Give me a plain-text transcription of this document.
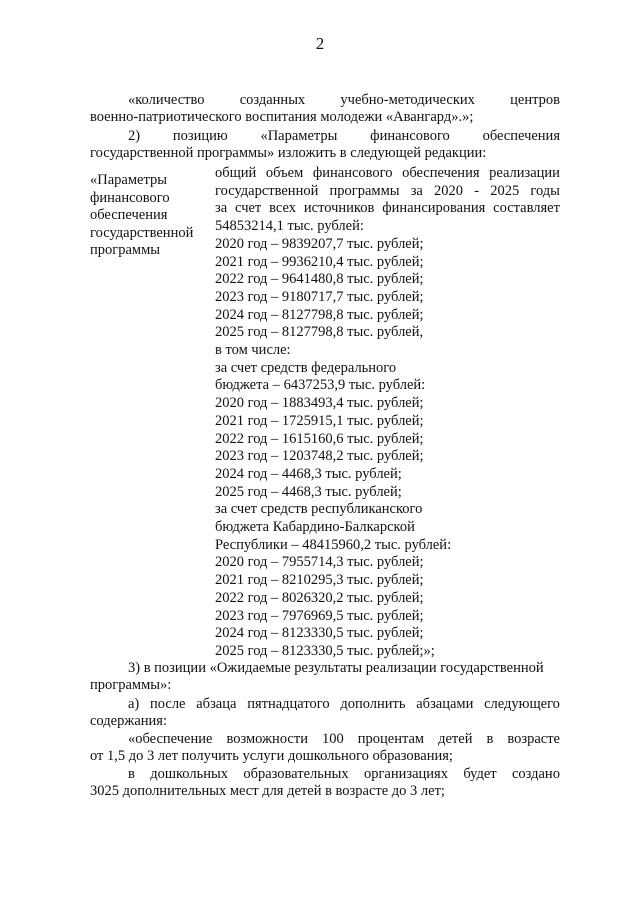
2
«количество созданных учебно-методических центров
военно-патриотического воспитания молодежи «Авангард».»;
2) позицию «Параметры финансового обеспечения
государственной программы» изложить в следующей редакции:
«Параметры
финансового
обеспечения
государственной
программы
общий объем финансового обеспечения реализации
государственной программы за 2020 - 2025 годы
за счет всех источников финансирования составляет
54853214,1 тыс. рублей:
2020 год – 9839207,7 тыс. рублей;
2021 год – 9936210,4 тыс. рублей;
2022 год – 9641480,8 тыс. рублей;
2023 год – 9180717,7 тыс. рублей;
2024 год – 8127798,8 тыс. рублей;
2025 год – 8127798,8 тыс. рублей,
в том числе:
за счет средств федерального
бюджета – 6437253,9 тыс. рублей:
2020 год – 1883493,4 тыс. рублей;
2021 год – 1725915,1 тыс. рублей;
2022 год – 1615160,6 тыс. рублей;
2023 год – 1203748,2 тыс. рублей;
2024 год – 4468,3 тыс. рублей;
2025 год – 4468,3 тыс. рублей;
за счет средств республиканского
бюджета Кабардино-Балкарской
Республики – 48415960,2 тыс. рублей:
2020 год – 7955714,3 тыс. рублей;
2021 год – 8210295,3 тыс. рублей;
2022 год – 8026320,2 тыс. рублей;
2023 год – 7976969,5 тыс. рублей;
2024 год – 8123330,5 тыс. рублей;
2025 год – 8123330,5 тыс. рублей;»;
3) в позиции «Ожидаемые результаты реализации государственной
программы»:
а) после абзаца пятнадцатого дополнить абзацами следующего
содержания:
«обеспечение возможности 100 процентам детей в возрасте
от 1,5 до 3 лет получить услуги дошкольного образования;
в дошкольных образовательных организациях будет создано
3025 дополнительных мест для детей в возрасте до 3 лет;
